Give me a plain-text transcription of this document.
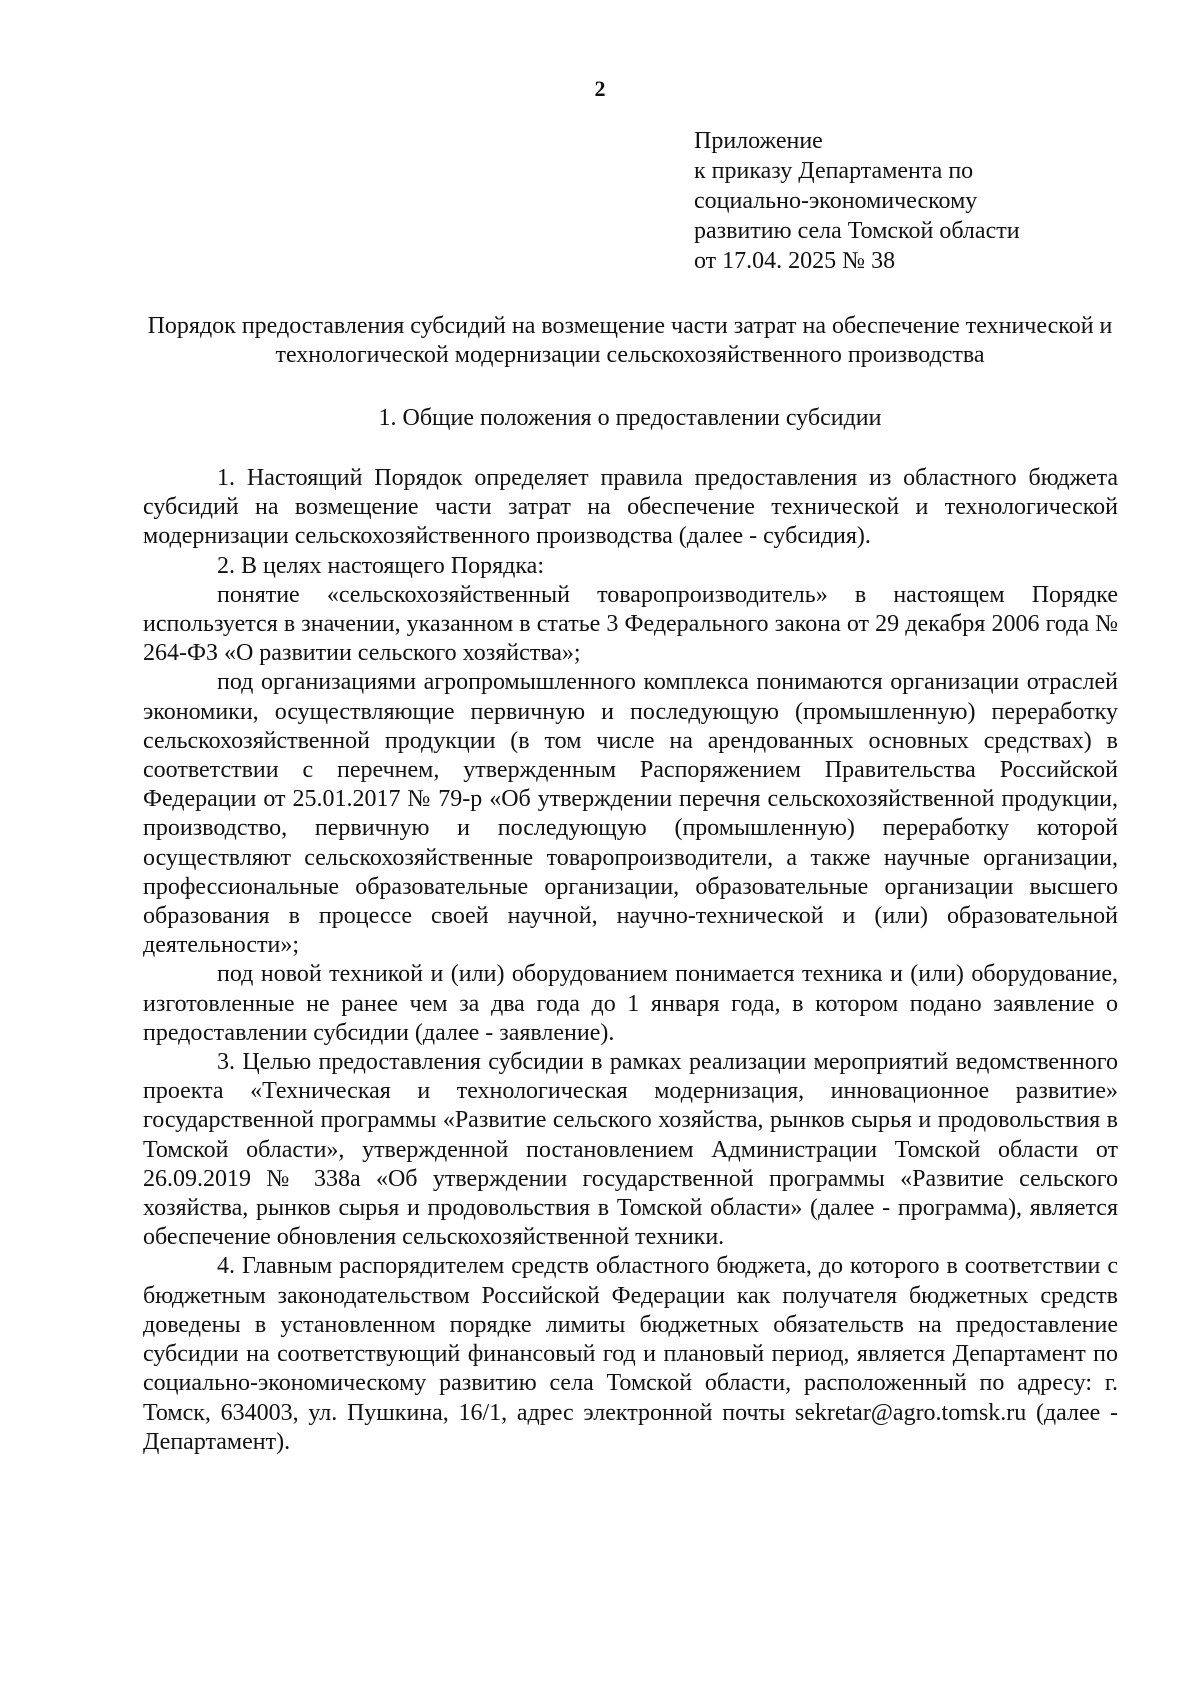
2
Приложение
к приказу Департамента по
социально-экономическому
развитию села Томской области
от 17.04. 2025 № 38
Порядок предоставления субсидий на возмещение части затрат на обеспечение технической и технологической модернизации сельскохозяйственного производства
1. Общие положения о предоставлении субсидии

1. Настоящий Порядок определяет правила предоставления из областного бюджета субсидий на возмещение части затрат на обеспечение технической и технологической модернизации сельскохозяйственного производства (далее - субсидия).

2. В целях настоящего Порядка:

понятие «сельскохозяйственный товаропроизводитель» в настоящем Порядке используется в значении, указанном в статье 3 Федерального закона от 29 декабря 2006 года № 264-ФЗ «О развитии сельского хозяйства»;

под организациями агропромышленного комплекса понимаются организации отраслей экономики, осуществляющие первичную и последующую (промышленную) переработку сельскохозяйственной продукции (в том числе на арендованных основных средствах) в соответствии с перечнем, утвержденным Распоряжением Правительства Российской Федерации от 25.01.2017 № 79-р «Об утверждении перечня сельскохозяйственной продукции, производство, первичную и последующую (промышленную) переработку которой осуществляют сельскохозяйственные товаропроизводители, а также научные организации, профессиональные образовательные организации, образовательные организации высшего образования в процессе своей научной, научно-технической и (или) образовательной деятельности»;

под новой техникой и (или) оборудованием понимается техника и (или) оборудование, изготовленные не ранее чем за два года до 1 января года, в котором подано заявление о предоставлении субсидии (далее - заявление).

3. Целью предоставления субсидии в рамках реализации мероприятий ведомственного проекта «Техническая и технологическая модернизация, инновационное развитие» государственной программы «Развитие сельского хозяйства, рынков сырья и продовольствия в Томской области», утвержденной постановлением Администрации Томской области от 26.09.2019 № 338а «Об утверждении государственной программы «Развитие сельского хозяйства, рынков сырья и продовольствия в Томской области» (далее - программа), является обеспечение обновления сельскохозяйственной техники.

4. Главным распорядителем средств областного бюджета, до которого в соответствии с бюджетным законодательством Российской Федерации как получателя бюджетных средств доведены в установленном порядке лимиты бюджетных обязательств на предоставление субсидии на соответствующий финансовый год и плановый период, является Департамент по социально-экономическому развитию села Томской области, расположенный по адресу: г. Томск, 634003, ул. Пушкина, 16/1, адрес электронной почты sekretar@agro.tomsk.ru (далее - Департамент).
